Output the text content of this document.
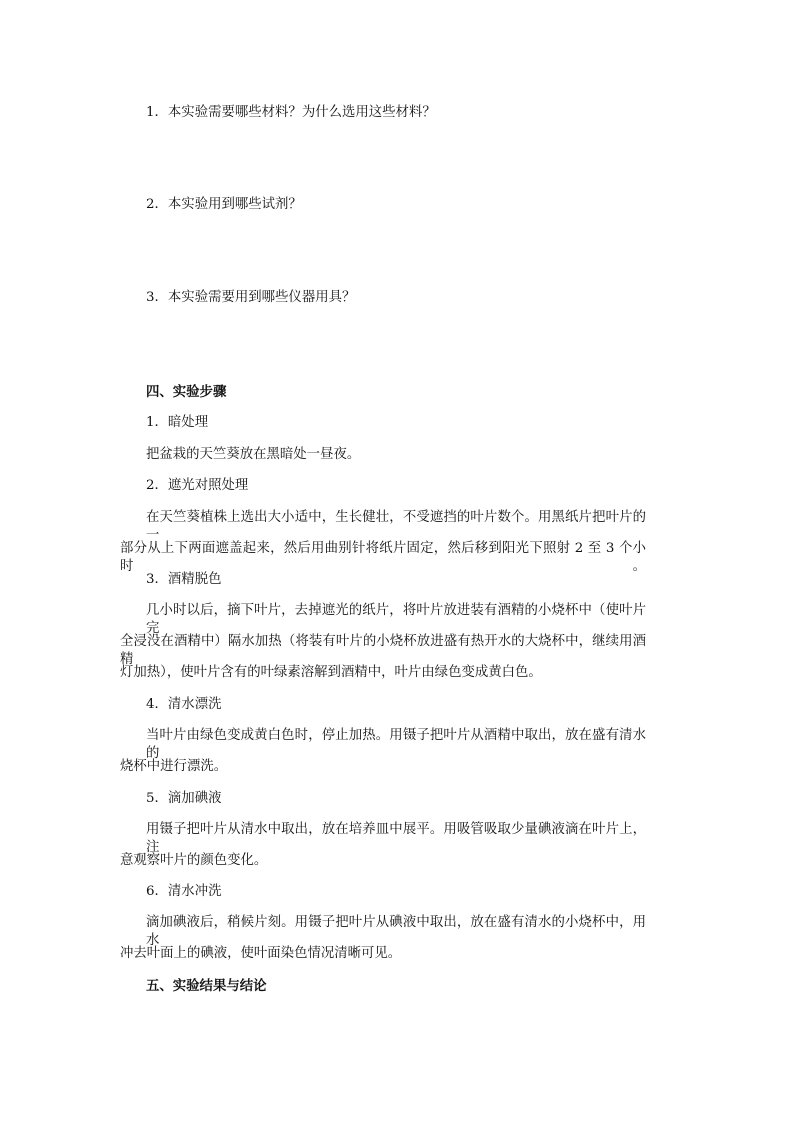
1．本实验需要哪些材料？为什么选用这些材料？
2．本实验用到哪些试剂？
3．本实验需要用到哪些仪器用具？
四、实验步骤
1．暗处理
把盆栽的天竺葵放在黑暗处一昼夜。
2．遮光对照处理
在天竺葵植株上选出大小适中，生长健壮，不受遮挡的叶片数个。用黑纸片把叶片的一
部分从上下两面遮盖起来，然后用曲别针将纸片固定，然后移到阳光下照射 2 至 3 个小时。
3．酒精脱色
几小时以后，摘下叶片，去掉遮光的纸片，将叶片放进装有酒精的小烧杯中（使叶片完
全浸没在酒精中）隔水加热（将装有叶片的小烧杯放进盛有热开水的大烧杯中，继续用酒精
灯加热），使叶片含有的叶绿素溶解到酒精中，叶片由绿色变成黄白色。
4．清水漂洗
当叶片由绿色变成黄白色时，停止加热。用镊子把叶片从酒精中取出，放在盛有清水的
烧杯中进行漂洗。
5．滴加碘液
用镊子把叶片从清水中取出，放在培养皿中展平。用吸管吸取少量碘液滴在叶片上，注
意观察叶片的颜色变化。
6．清水冲洗
滴加碘液后，稍候片刻。用镊子把叶片从碘液中取出，放在盛有清水的小烧杯中，用水
冲去叶面上的碘液，使叶面染色情况清晰可见。
五、实验结果与结论
